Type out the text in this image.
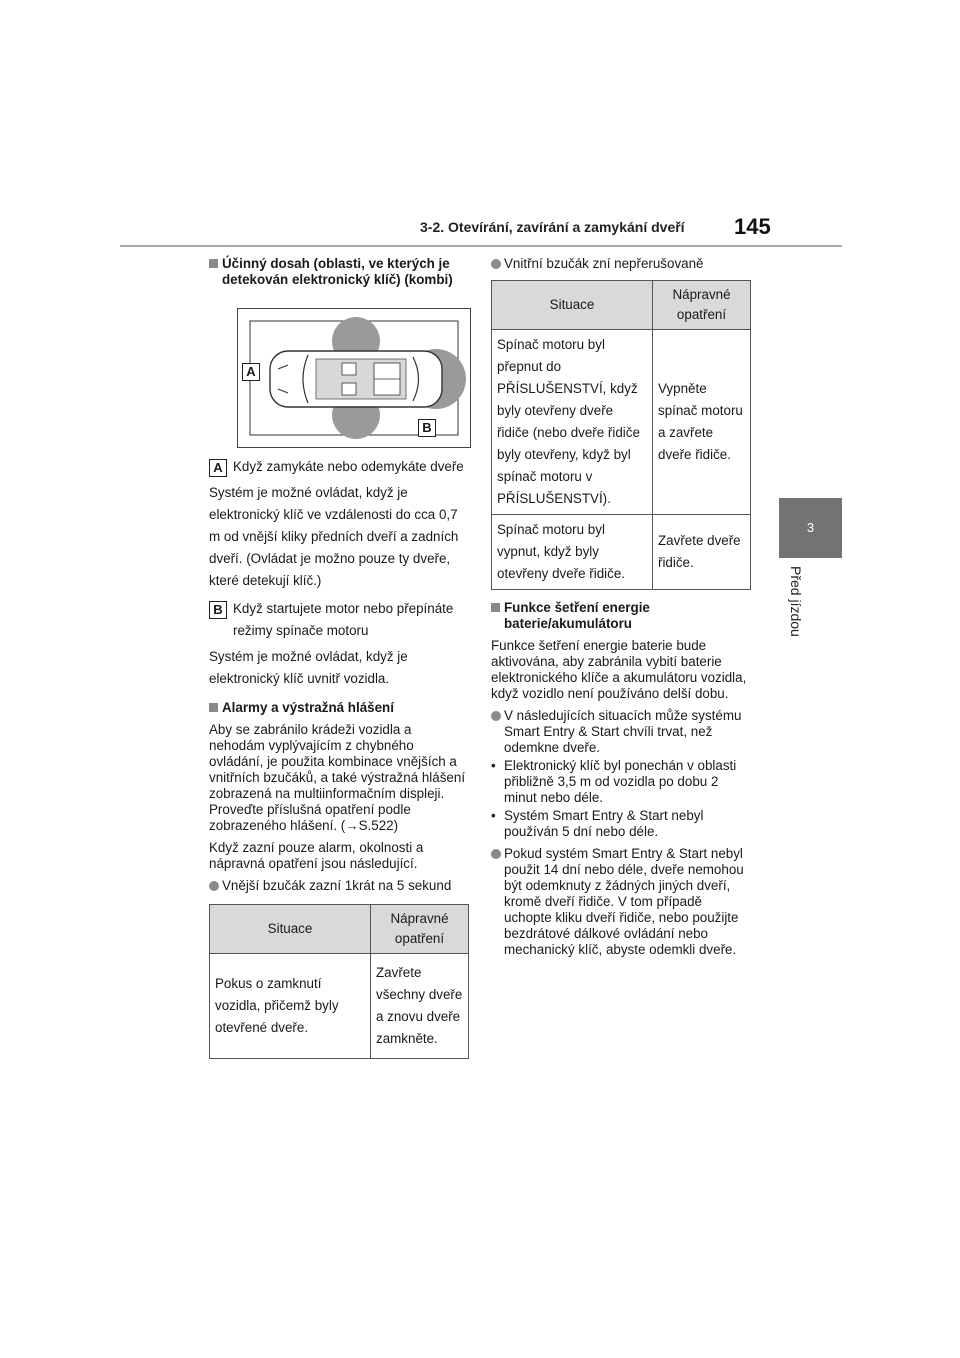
3-2. Otevírání, zavírání a zamykání dveří 145
3
Před jízdou
Účinný dosah (oblasti, ve kterých je detekován elektronický klíč) (kombi)
A
B
A Když zamykáte nebo odemykáte dveře
Systém je možné ovládat, když je elektronický klíč ve vzdálenosti do cca 0,7 m od vnější kliky předních dveří a zadních dveří. (Ovládat je možno pouze ty dveře, které detekují klíč.)
B Když startujete motor nebo přepínáte režimy spínače motoru
Systém je možné ovládat, když je elektronický klíč uvnitř vozidla.
Alarmy a výstražná hlášení
Aby se zabránilo krádeži vozidla a nehodám vyplývajícím z chybného ovládání, je použita kombinace vnějších a vnitřních bzučáků, a také výstražná hlášení zobrazená na multiinformačním displeji. Proveďte příslušná opatření podle zobrazeného hlášení. (→S.522)
Když zazní pouze alarm, okolnosti a nápravná opatření jsou následující.
Vnější bzučák zazní 1krát na 5 sekund
Situace	Nápravné opatření
Pokus o zamknutí vozidla, přičemž byly otevřené dveře.	Zavřete všechny dveře a znovu dveře zamkněte.
Vnitřní bzučák zní nepřerušovaně
Situace	Nápravné opatření
Spínač motoru byl přepnut do PŘÍSLUŠENSTVÍ, když byly otevřeny dveře řidiče (nebo dveře řidiče byly otevřeny, když byl spínač motoru v PŘÍSLUŠENSTVÍ).	Vypněte spínač motoru a zavřete dveře řidiče.
Spínač motoru byl vypnut, když byly otevřeny dveře řidiče.	Zavřete dveře řidiče.
Funkce šetření energie baterie/akumulátoru
Funkce šetření energie baterie bude aktivována, aby zabránila vybití baterie elektronického klíče a akumulátoru vozidla, když vozidlo není používáno delší dobu.
V následujících situacích může systému Smart Entry & Start chvíli trvat, než odemkne dveře.
• Elektronický klíč byl ponechán v oblasti přibližně 3,5 m od vozidla po dobu 2 minut nebo déle.
• Systém Smart Entry & Start nebyl používán 5 dní nebo déle.
Pokud systém Smart Entry & Start nebyl použit 14 dní nebo déle, dveře nemohou být odemknuty z žádných jiných dveří, kromě dveří řidiče. V tom případě uchopte kliku dveří řidiče, nebo použijte bezdrátové dálkové ovládání nebo mechanický klíč, abyste odemkli dveře.
